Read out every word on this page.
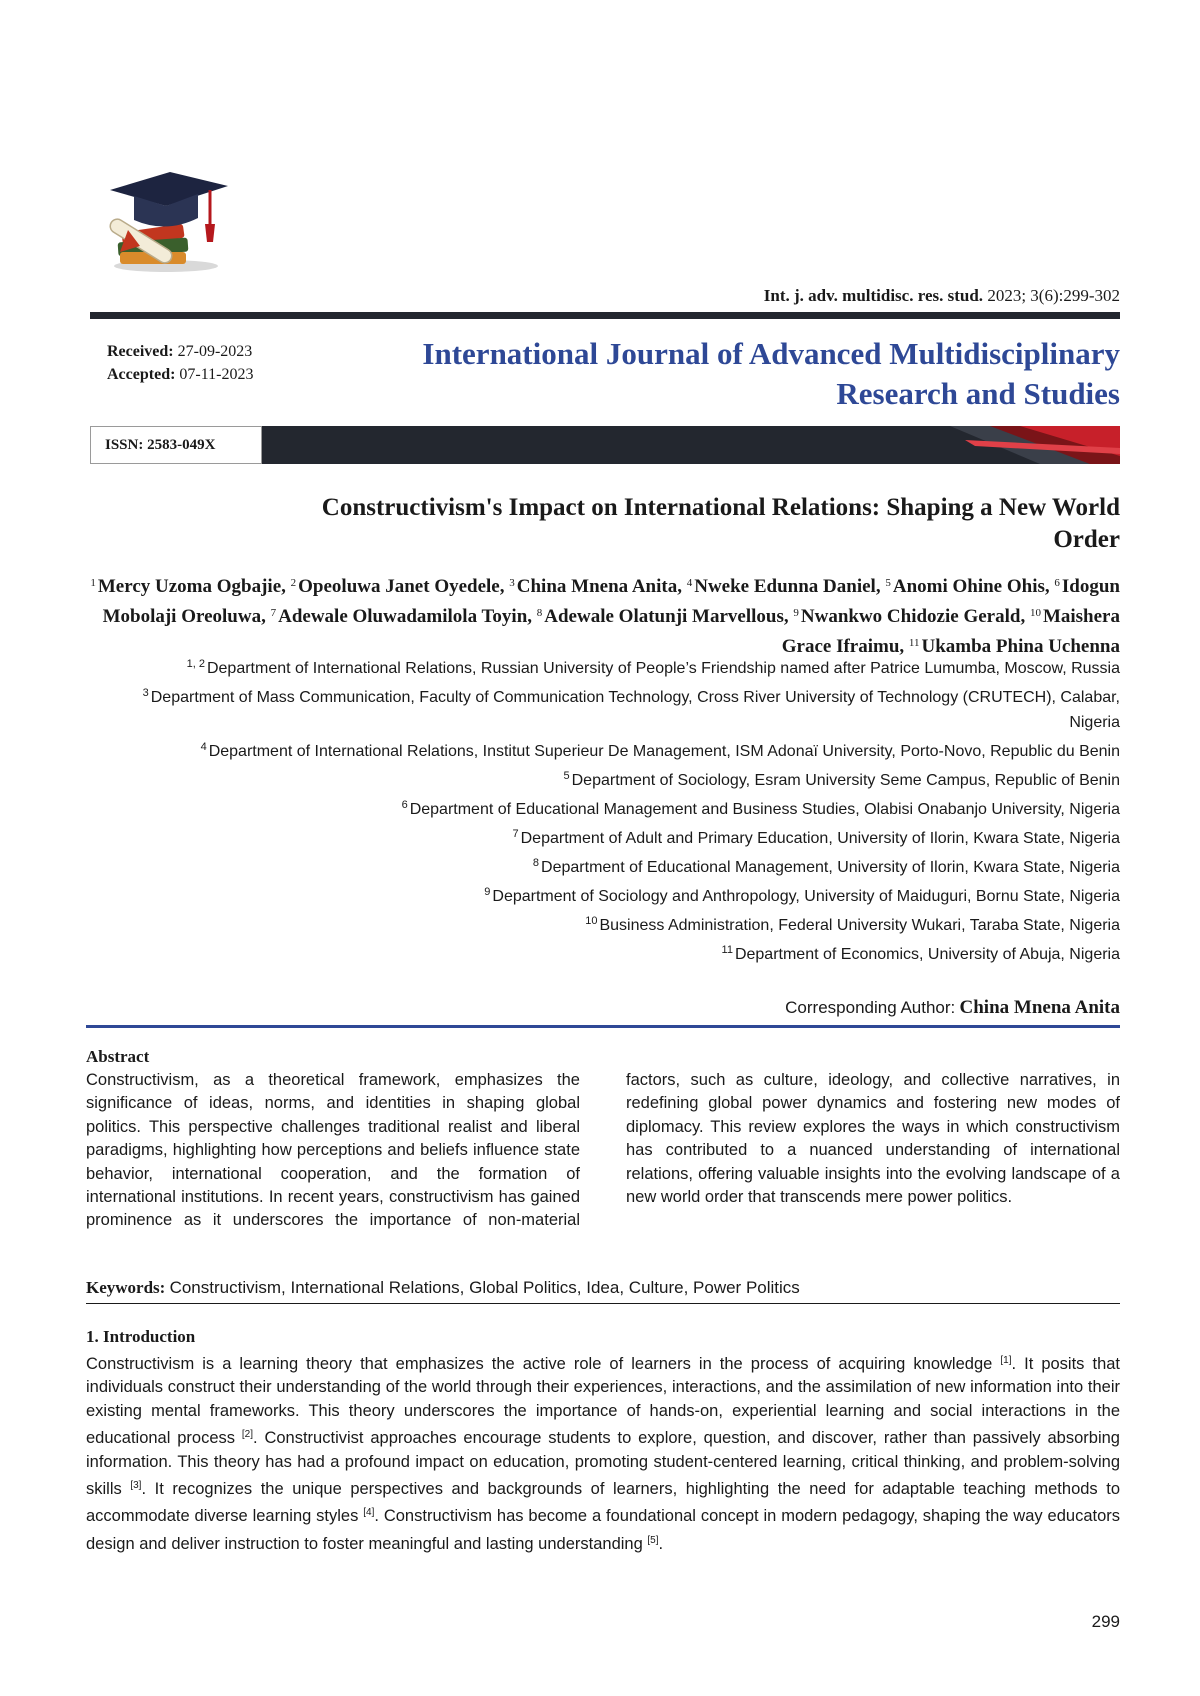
Int. j. adv. multidisc. res. stud. 2023; 3(6):299-302
Received: 27-09-2023
Accepted: 07-11-2023
International Journal of Advanced Multidisciplinary
Research and Studies
ISSN: 2583-049X
Constructivism's Impact on International Relations: Shaping a New World
Order
$^1$ Mercy Uzoma Ogbajie, $^2$ Opeoluwa Janet Oyedele, $^3$ China Mnena Anita, $^4$ Nweke Edunna Daniel, $^5$ Anomi Ohine Ohis, $^6$ Idogun Mobolaji Oreoluwa, $^7$ Adewale Oluwadamilola Toyin, $^8$ Adewale Olatunji Marvellous, $^9$ Nwankwo Chidozie Gerald, $^{10}$ Maishera Grace Ifraimu, $^{11}$ Ukamba Phina Uchenna
$^{1, 2}$ Department of International Relations, Russian University of People’s Friendship named after Patrice Lumumba, Moscow, Russia
$^3$ Department of Mass Communication, Faculty of Communication Technology, Cross River University of Technology (CRUTECH), Calabar, Nigeria
$^4$ Department of International Relations, Institut Superieur De Management, ISM Adonaï University, Porto-Novo, Republic du Benin
$^5$ Department of Sociology, Esram University Seme Campus, Republic of Benin
$^6$ Department of Educational Management and Business Studies, Olabisi Onabanjo University, Nigeria
$^7$ Department of Adult and Primary Education, University of Ilorin, Kwara State, Nigeria
$^8$ Department of Educational Management, University of Ilorin, Kwara State, Nigeria
$^9$ Department of Sociology and Anthropology, University of Maiduguri, Bornu State, Nigeria
$^{10}$ Business Administration, Federal University Wukari, Taraba State, Nigeria
$^{11}$ Department of Economics, University of Abuja, Nigeria
Corresponding Author: China Mnena Anita
Abstract
Constructivism, as a theoretical framework, emphasizes the significance of ideas, norms, and identities in shaping global politics. This perspective challenges traditional realist and liberal paradigms, highlighting how perceptions and beliefs influence state behavior, international cooperation, and the formation of international institutions. In recent years, constructivism has gained prominence as it underscores the importance of non-material factors, such as culture, ideology, and collective narratives, in redefining global power dynamics and fostering new modes of diplomacy. This review explores the ways in which constructivism has contributed to a nuanced understanding of international relations, offering valuable insights into the evolving landscape of a new world order that transcends mere power politics.
Keywords: Constructivism, International Relations, Global Politics, Idea, Culture, Power Politics
1. Introduction
Constructivism is a learning theory that emphasizes the active role of learners in the process of acquiring knowledge [1]. It posits that individuals construct their understanding of the world through their experiences, interactions, and the assimilation of new information into their existing mental frameworks. This theory underscores the importance of hands-on, experiential learning and social interactions in the educational process [2]. Constructivist approaches encourage students to explore, question, and discover, rather than passively absorbing information. This theory has had a profound impact on education, promoting student-centered learning, critical thinking, and problem-solving skills [3]. It recognizes the unique perspectives and backgrounds of learners, highlighting the need for adaptable teaching methods to accommodate diverse learning styles [4]. Constructivism has become a foundational concept in modern pedagogy, shaping the way educators design and deliver instruction to foster meaningful and lasting understanding [5].
299
